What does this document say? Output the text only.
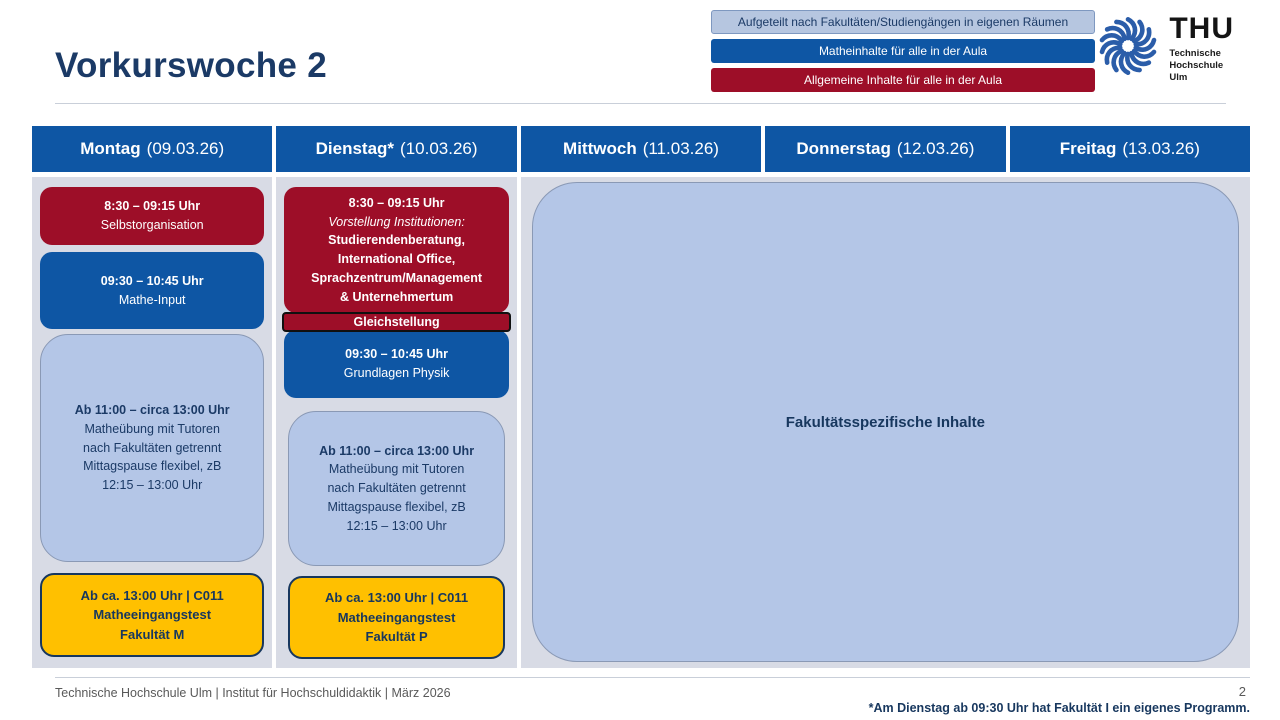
Vorkurswoche 2
Aufgeteilt nach Fakultäten/Studiengängen in eigenen Räumen
Matheinhalte für alle in der Aula
Allgemeine Inhalte für alle in der Aula
THU
Technische
Hochschule
Ulm
Montag (09.03.26)	Dienstag* (10.03.26)	Mittwoch (11.03.26)	Donnerstag (12.03.26)	Freitag (13.03.26)
8:30 – 09:15 Uhr
Selbstorganisation
09:30 – 10:45 Uhr
Mathe-Input
Ab 11:00 – circa 13:00 Uhr
Matheübung mit Tutoren
nach Fakultäten getrennt
Mittagspause flexibel, zB
12:15 – 13:00 Uhr
Ab ca. 13:00 Uhr | C011
Matheeingangstest
Fakultät M
8:30 – 09:15 Uhr
Vorstellung Institutionen:
Studierendenberatung,
International Office,
Sprachzentrum/Management
& Unternehmertum
Gleichstellung
09:30 – 10:45 Uhr
Grundlagen Physik
Ab 11:00 – circa 13:00 Uhr
Matheübung mit Tutoren
nach Fakultäten getrennt
Mittagspause flexibel, zB
12:15 – 13:00 Uhr
Ab ca. 13:00 Uhr | C011
Matheeingangstest
Fakultät P
Fakultätsspezifische Inhalte
Technische Hochschule Ulm | Institut für Hochschuldidaktik | März 2026	2
*Am Dienstag ab 09:30 Uhr hat Fakultät I ein eigenes Programm.
